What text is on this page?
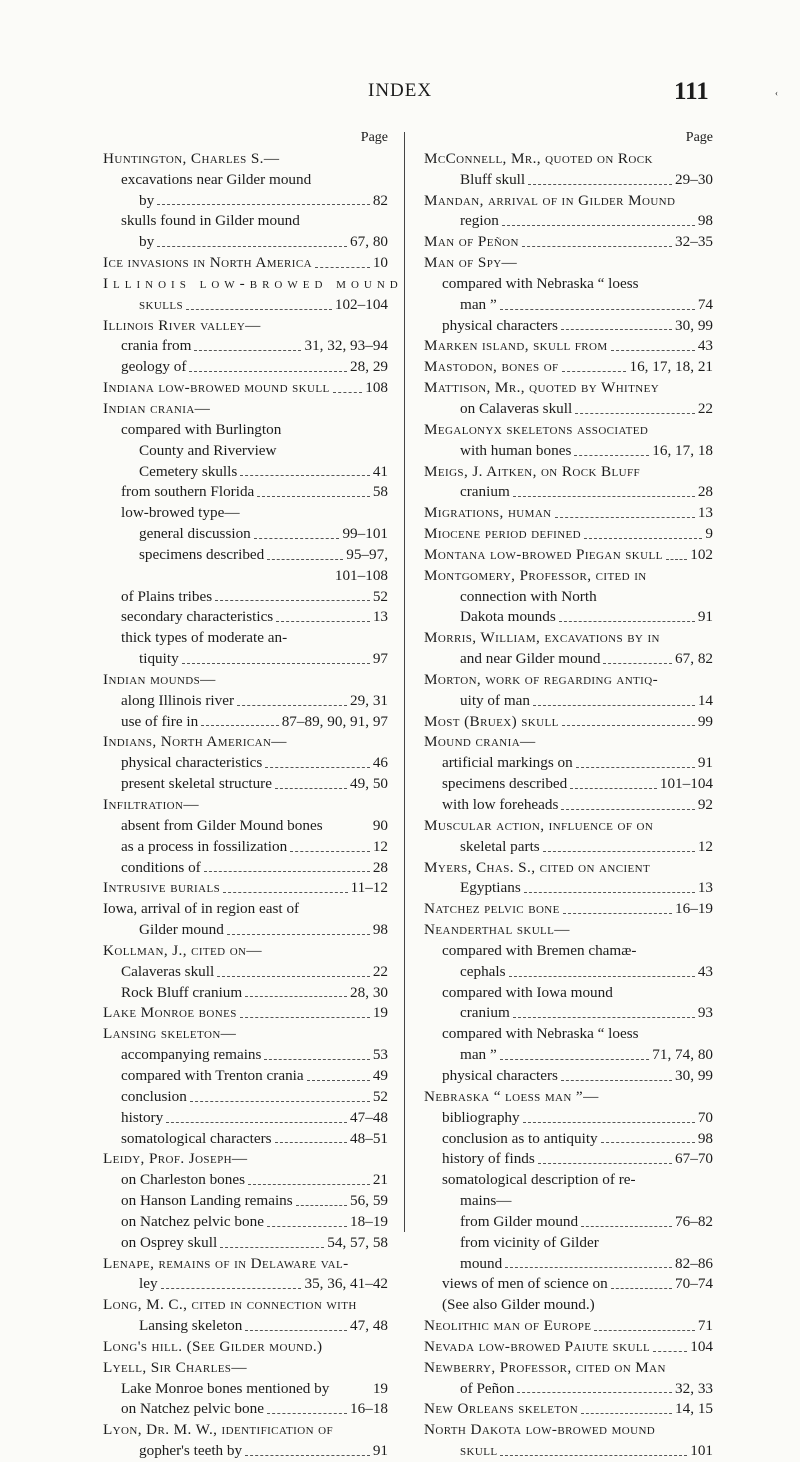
INDEX	111	‹
Page
Huntington, Charles S.—
excavations near Gilder mound
by	82
skulls found in Gilder mound
by	67, 80
Ice invasions in North America	10
Illinois low-browed mound
skulls	102–104
Illinois River valley—
crania from	31, 32, 93–94
geology of	28, 29
Indiana low-browed mound skull 108
Indian crania—
compared with Burlington
County and Riverview
Cemetery skulls	41
from southern Florida	58
low-browed type—
general discussion	99–101
specimens described	95–97,
101–108
of Plains tribes	52
secondary characteristics	13
thick types of moderate an-
tiquity	97
Indian mounds—
along Illinois river	29, 31
use of fire in	87–89, 90, 91, 97
Indians, North American—
physical characteristics	46
present skeletal structure	49, 50
Infiltration—
absent from Gilder Mound bones	90
as a process in fossilization	12
conditions of	28
Intrusive burials	11–12
Iowa, arrival of in region east of
Gilder mound	98
Kollman, J., cited on—
Calaveras skull	22
Rock Bluff cranium	28, 30
Lake Monroe bones	19
Lansing skeleton—
accompanying remains	53
compared with Trenton crania	49
conclusion	52
history	47–48
somatological characters	48–51
Leidy, Prof. Joseph—
on Charleston bones	21
on Hanson Landing remains	56, 59
on Natchez pelvic bone	18–19
on Osprey skull	54, 57, 58
Lenape, remains of in Delaware val-
ley	35, 36, 41–42
Long, M. C., cited in connection with
Lansing skeleton	47, 48
Long's hill. (See Gilder mound.)
Lyell, Sir Charles—
Lake Monroe bones mentioned by	19
on Natchez pelvic bone	16–18
Lyon, Dr. M. W., identification of
gopher's teeth by	91
Page
McConnell, Mr., quoted on Rock
Bluff skull	29–30
Mandan, arrival of in Gilder Mound
region	98
Man of Peñon	32–35
Man of Spy—
compared with Nebraska “ loess
man ”	74
physical characters	30, 99
Marken island, skull from	43
Mastodon, bones of	16, 17, 18, 21
Mattison, Mr., quoted by Whitney
on Calaveras skull	22
Megalonyx skeletons associated
with human bones	16, 17, 18
Meigs, J. Aitken, on Rock Bluff
cranium	28
Migrations, human	13
Miocene period defined	9
Montana low-browed Piegan skull 102
Montgomery, Professor, cited in
connection with North
Dakota mounds	91
Morris, William, excavations by in
and near Gilder mound	67, 82
Morton, work of regarding antiq-
uity of man	14
Most (Bruex) skull	99
Mound crania—
artificial markings on	91
specimens described	101–104
with low foreheads	92
Muscular action, influence of on
skeletal parts	12
Myers, Chas. S., cited on ancient
Egyptians	13
Natchez pelvic bone	16–19
Neanderthal skull—
compared with Bremen chamæ-
cephals	43
compared with Iowa mound
cranium	93
compared with Nebraska “ loess
man ”	71, 74, 80
physical characters	30, 99
Nebraska “ loess man ”—
bibliography	70
conclusion as to antiquity	98
history of finds	67–70
somatological description of re-
mains—
from Gilder mound	76–82
from vicinity of Gilder
mound	82–86
views of men of science on	70–74
(See also Gilder mound.)
Neolithic man of Europe	71
Nevada low-browed Paiute skull	104
Newberry, Professor, cited on Man
of Peñon	32, 33
New Orleans skeleton	14, 15
North Dakota low-browed mound
skull	101
